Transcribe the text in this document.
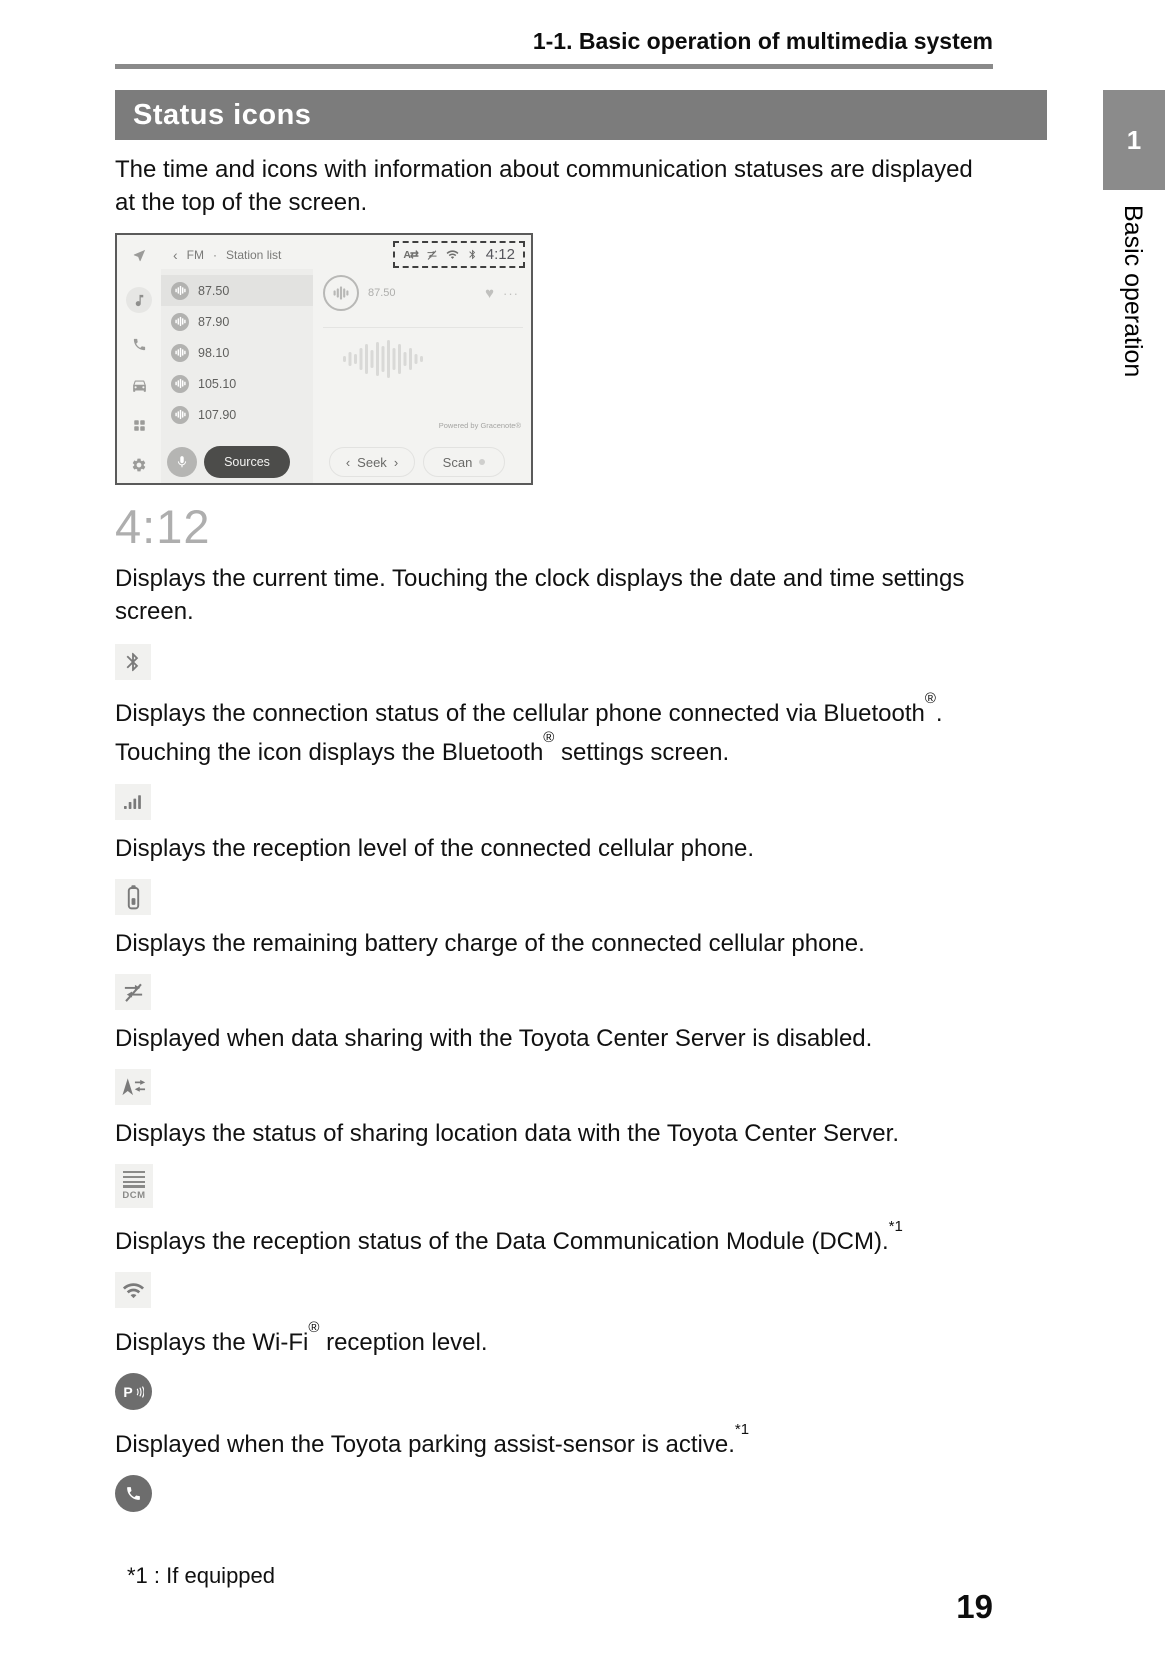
1-1. Basic operation of multimedia system
Status icons

The time and icons with information about communication statuses are displayed at the top of the screen.

‹ FM · Station list	A⇄	4:12
87.50
87.90
98.10
105.10
107.90
Sources
87.50	♥ ···
Powered by Gracenote®
‹ Seek ›	Scan
4:12

Displays the current time. Touching the clock displays the date and time settings screen.

Displays the connection status of the cellular phone connected via Bluetooth®. Touching the icon displays the Bluetooth® settings screen.

Displays the reception level of the connected cellular phone.

Displays the remaining battery charge of the connected cellular phone.

Displayed when data sharing with the Toyota Center Server is disabled.

Displays the status of sharing location data with the Toyota Center Server.

DCM

Displays the reception status of the Data Communication Module (DCM).$^{*1}$

Displays the Wi-Fi® reception level.

P

Displayed when the Toyota parking assist-sensor is active.$^{*1}$

1
Basic operation
*1 : If equipped
19
